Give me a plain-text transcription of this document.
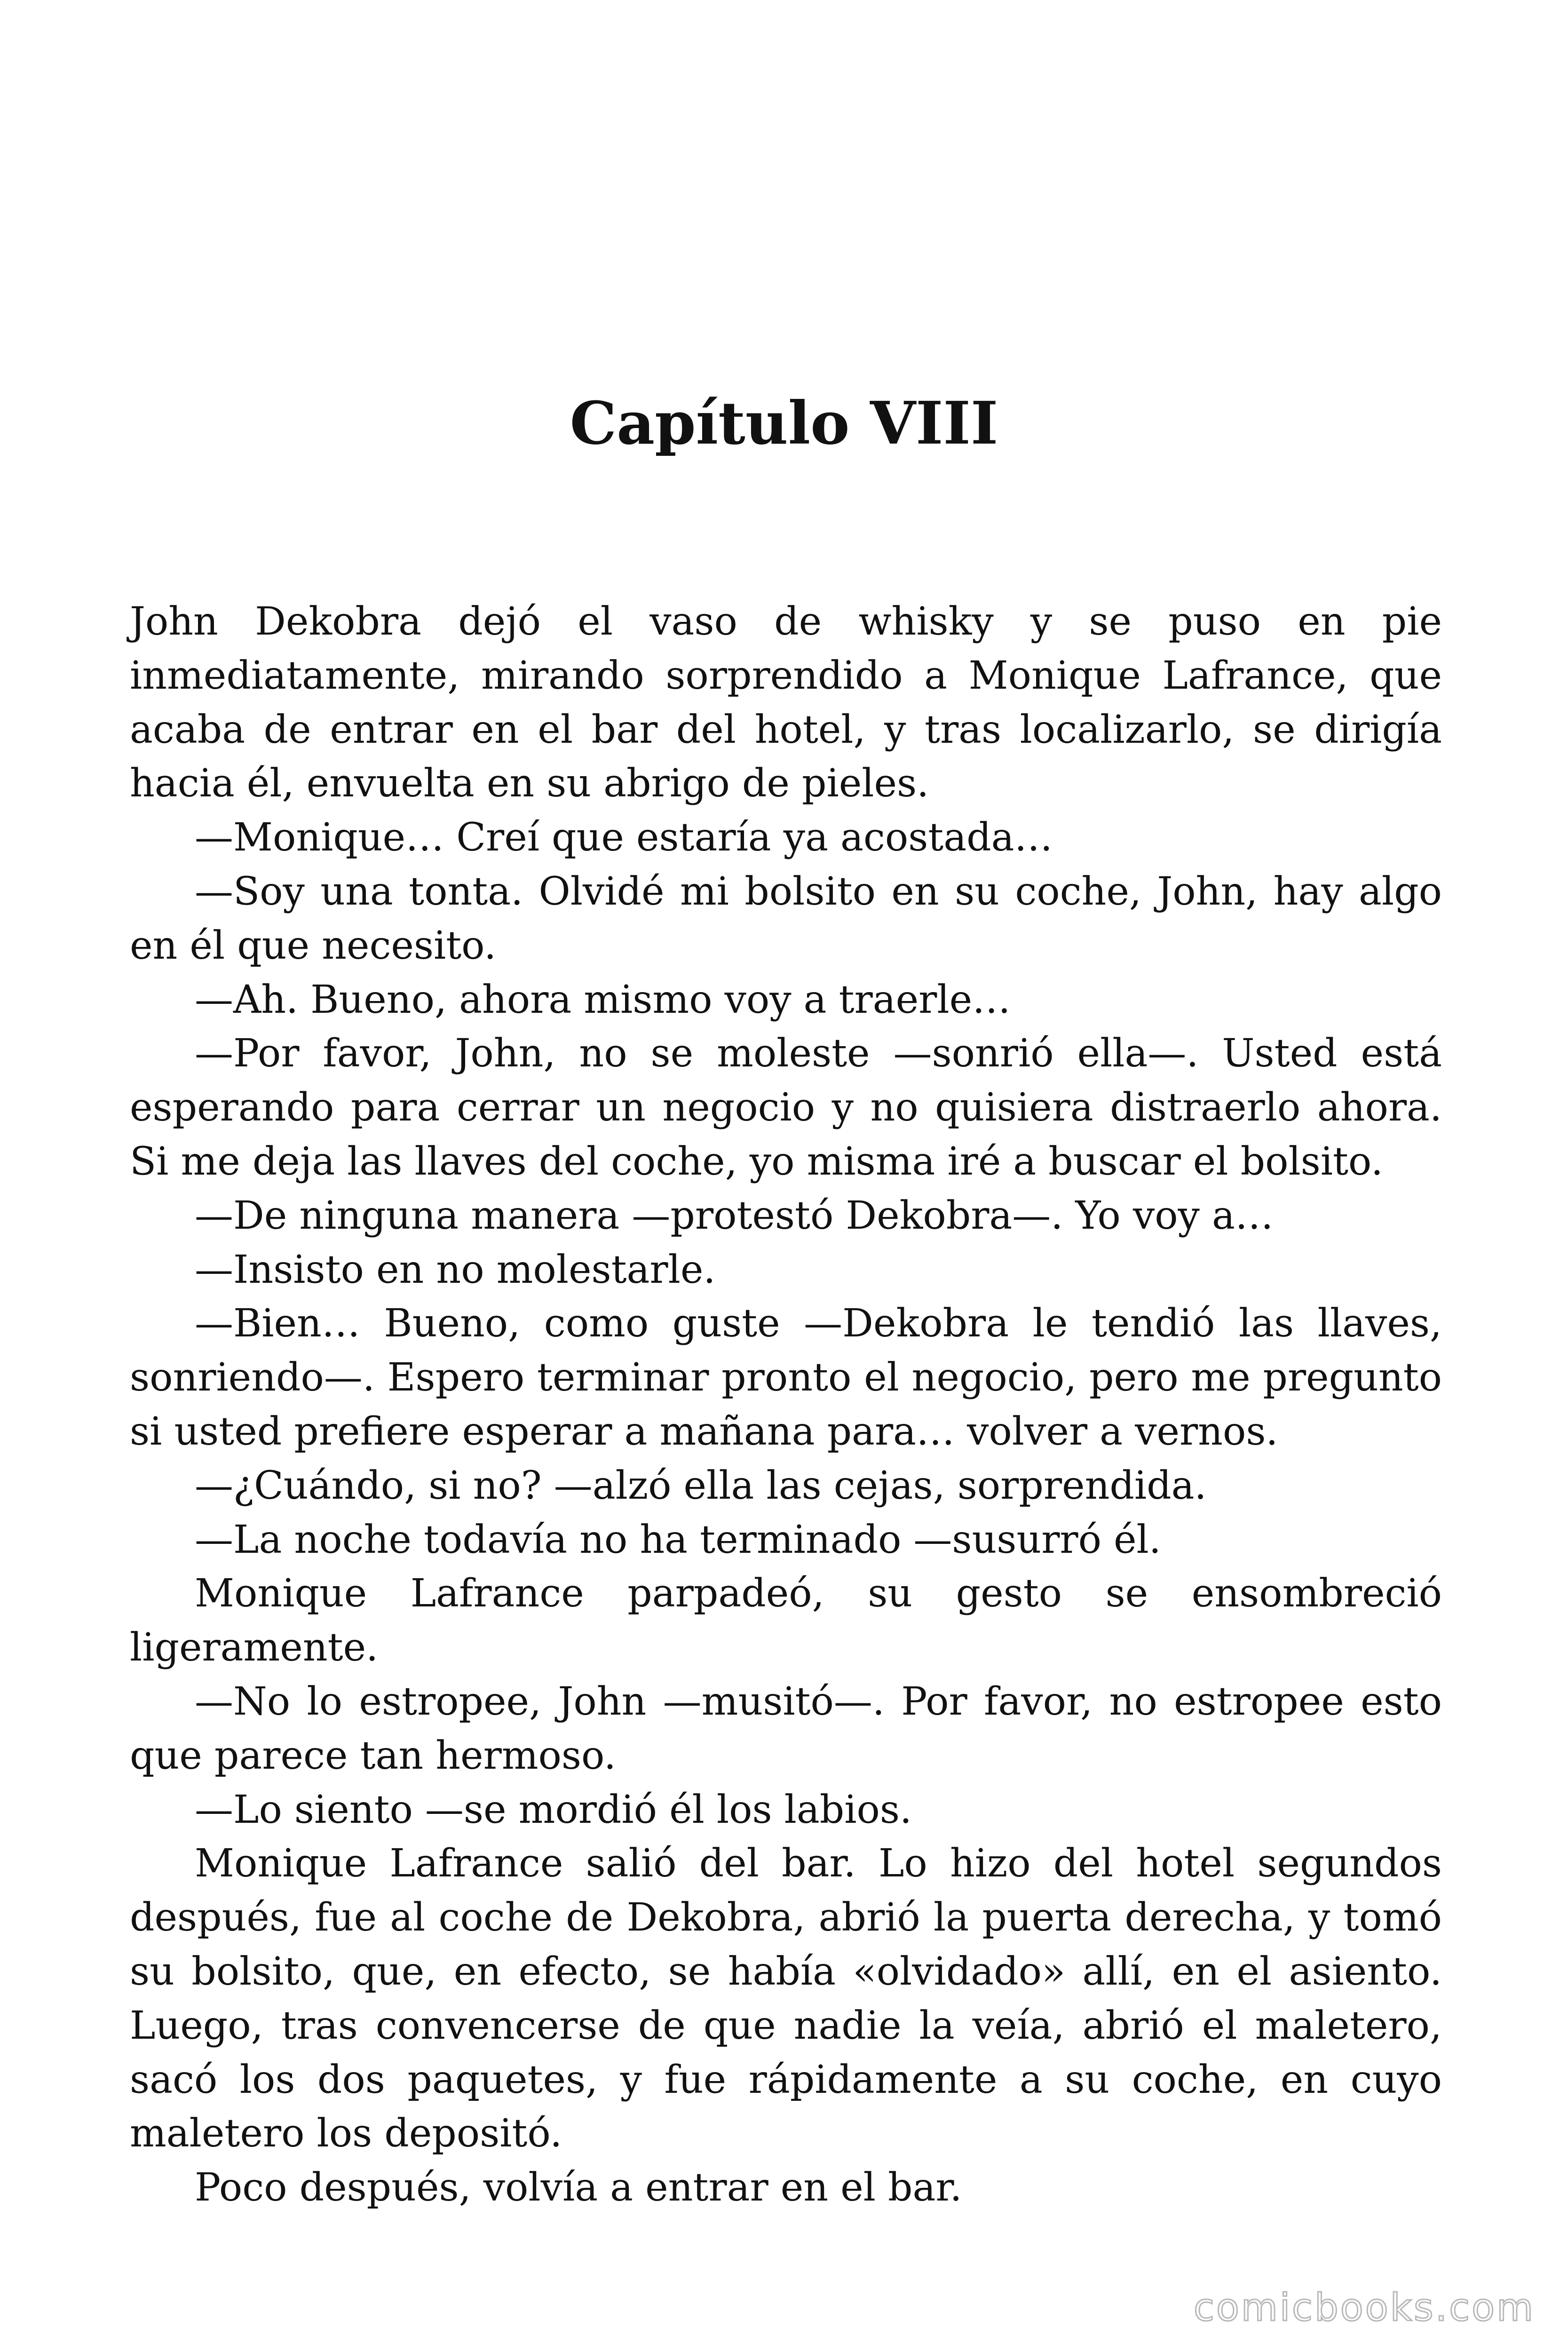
Capítulo VIII

John Dekobra dejó el vaso de whisky y se puso en pie inmediatamente, mirando sorprendido a Monique Lafrance, que acaba de entrar en el bar del hotel, y tras localizarlo, se dirigía hacia él, envuelta en su abrigo de pieles.

—Monique… Creí que estaría ya acostada…

—Soy una tonta. Olvidé mi bolsito en su coche, John, hay algo en él que necesito.

—Ah. Bueno, ahora mismo voy a traerle…

—Por favor, John, no se moleste —sonrió ella—. Usted está esperando para cerrar un negocio y no quisiera distraerlo ahora. Si me deja las llaves del coche, yo misma iré a buscar el bolsito.

—De ninguna manera —protestó Dekobra—. Yo voy a…

—Insisto en no molestarle.

—Bien… Bueno, como guste —Dekobra le tendió las llaves, sonriendo—. Espero terminar pronto el negocio, pero me pregunto si usted prefiere esperar a mañana para… volver a vernos.

—¿Cuándo, si no? —alzó ella las cejas, sorprendida.

—La noche todavía no ha terminado —susurró él.

Monique Lafrance parpadeó, su gesto se ensombreció ligeramente.

—No lo estropee, John —musitó—. Por favor, no estropee esto que parece tan hermoso.

—Lo siento —se mordió él los labios.

Monique Lafrance salió del bar. Lo hizo del hotel segundos después, fue al coche de Dekobra, abrió la puerta derecha, y tomó su bolsito, que, en efecto, se había «olvidado» allí, en el asiento. Luego, tras convencerse de que nadie la veía, abrió el maletero, sacó los dos paquetes, y fue rápidamente a su coche, en cuyo maletero los depositó.

Poco después, volvía a entrar en el bar.

comicbooks.com
